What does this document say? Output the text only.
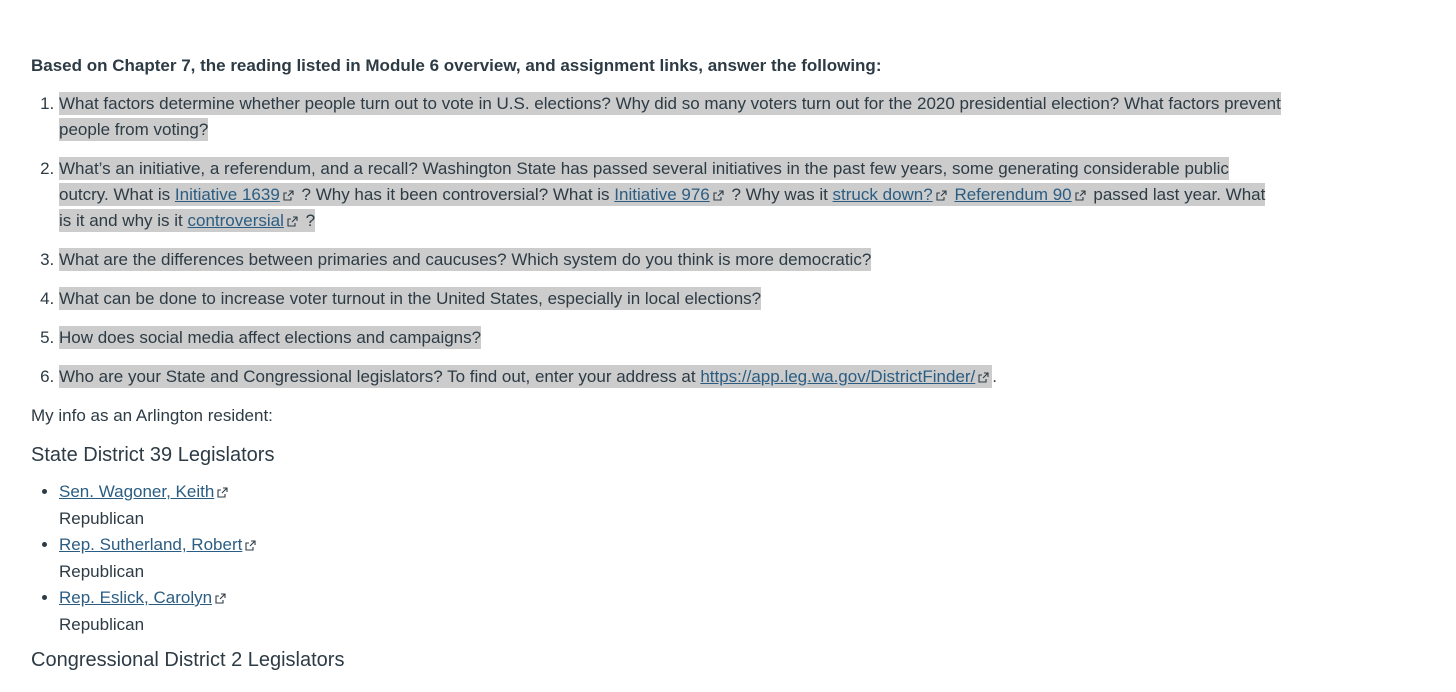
Based on Chapter 7, the reading listed in Module 6 overview, and assignment links, answer the following:

1. What factors determine whether people turn out to vote in U.S. elections? Why did so many voters turn out for the 2020 presidential election? What factors prevent people from voting?
2. What’s an initiative, a referendum, and a recall? Washington State has passed several initiatives in the past few years, some generating considerable public outcry. What is Initiative 1639
? Why has it been controversial? What is Initiative 976
? Why was it struck down? Referendum 90
passed last year. What is it and why is it controversial
?
3. What are the differences between primaries and caucuses? Which system do you think is more democratic?
4. What can be done to increase voter turnout in the United States, especially in local elections?
5. How does social media affect elections and campaigns?
6. Who are your State and Congressional legislators? To find out, enter your address at https://app.leg.wa.gov/DistrictFinder/ .

My info as an Arlington resident:

State District 39 Legislators
• Sen. Wagoner, Keith
Republican
• Rep. Sutherland, Robert
Republican
• Rep. Eslick, Carolyn
Republican
Congressional District 2 Legislators
